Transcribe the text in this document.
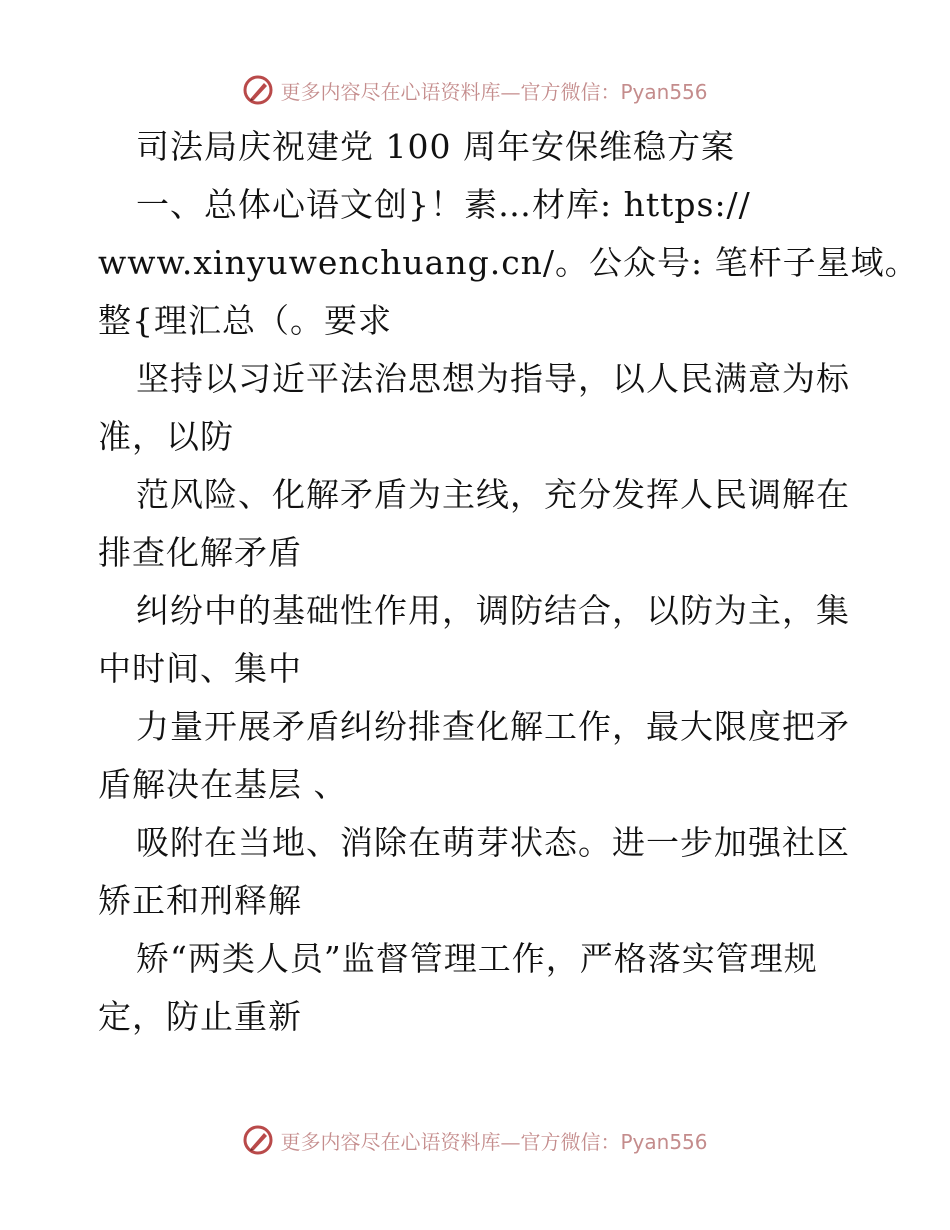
更多内容尽在心语资料库—官方微信：Pyan556
司法局庆祝建党 100 周年安保维稳方案
一、总体心语文创}！素…材库: https://
www.xinyuwenchuang.cn/。公众号: 笔杆子星域。
整{理汇总（。要求
坚持以习近平法治思想为指导，以人民满意为标
准，以防
范风险、化解矛盾为主线，充分发挥人民调解在
排查化解矛盾
纠纷中的基础性作用，调防结合，以防为主，集
中时间、集中
力量开展矛盾纠纷排查化解工作，最大限度把矛
盾解决在基层 、
吸附在当地、消除在萌芽状态。进一步加强社区
矫正和刑释解
矫“两类人员”监督管理工作，严格落实管理规
定，防止重新
更多内容尽在心语资料库—官方微信：Pyan556
